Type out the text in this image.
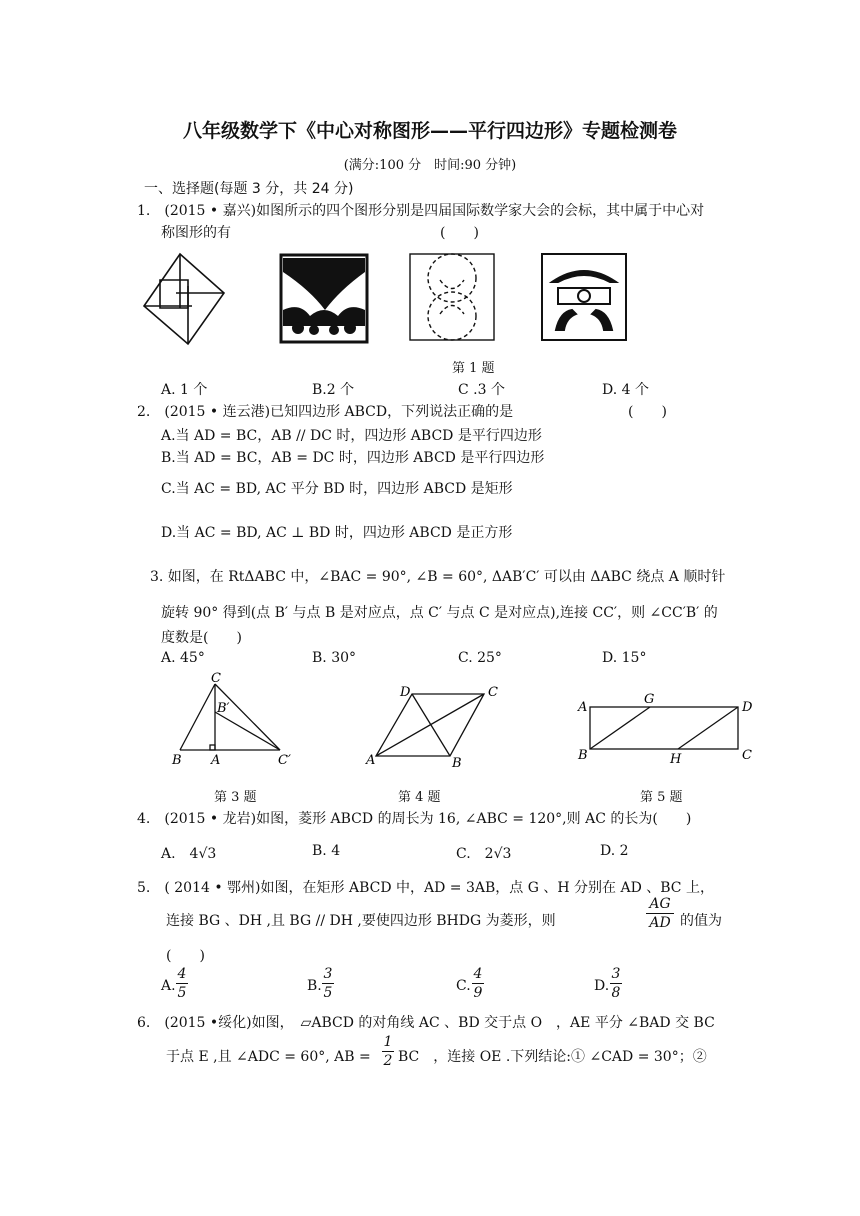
八年级数学下《中心对称图形——平行四边形》专题检测卷
(满分:100 分　时间:90 分钟)
一、选择题(每题 3 分，共 24 分)
1.　(2015 • 嘉兴)如图所示的四个图形分别是四届国际数学家大会的会标，其中属于中心对
称图形的有	(　　)
第 1 题
A. 1 个	B.2 个	C .3 个	D. 4 个
2.　(2015 • 连云港)已知四边形 ABCD，下列说法正确的是	(　　)
A.当 AD = BC，AB // DC 时，四边形 ABCD 是平行四边形
B.当 AD = BC，AB = DC 时，四边形 ABCD 是平行四边形
C.当 AC = BD, AC 平分 BD 时，四边形 ABCD 是矩形
D.当 AC = BD, AC ⊥ BD 时，四边形 ABCD 是正方形
3. 如图，在 RtΔABC 中，∠BAC = 90°, ∠B = 60°, ΔAB′C′ 可以由 ΔABC 绕点 A 顺时针
旋转 90° 得到(点 B′ 与点 B 是对应点，点 C′ 与点 C 是对应点),连接 CC′，则 ∠CC′B′ 的
度数是(　　)
A. 45°	B. 30°	C. 25°	D. 15°
C
B′
B A	C′
D	C
A	B
A
G
D
B	H	C
第 3 题	第 4 题	第 5 题
4.　(2015 • 龙岩)如图，菱形 ABCD 的周长为 16, ∠ABC = 120°,则 AC 的长为(　　)
A.　4√3	B. 4	C.　2√3	D. 2
5.　( 2014 • 鄂州)如图，在矩形 ABCD 中，AD = 3AB，点 G 、H 分别在 AD 、BC 上，
连接 BG 、DH ,且 BG // DH ,要使四边形 BHDG 为菱形，则
AG
AD 的值为
(　　)
A.
4
5	B.
3
5	C.
4
9	D.
3
8
6.　(2015 •绥化)如图，　▱ABCD 的对角线 AC 、BD 交于点 O　，AE 平分 ∠BAD 交 BC
于点 E ,且 ∠ADC = 60°, AB =
1
2 BC　，连接 OE .下列结论:① ∠CAD = 30°；②
